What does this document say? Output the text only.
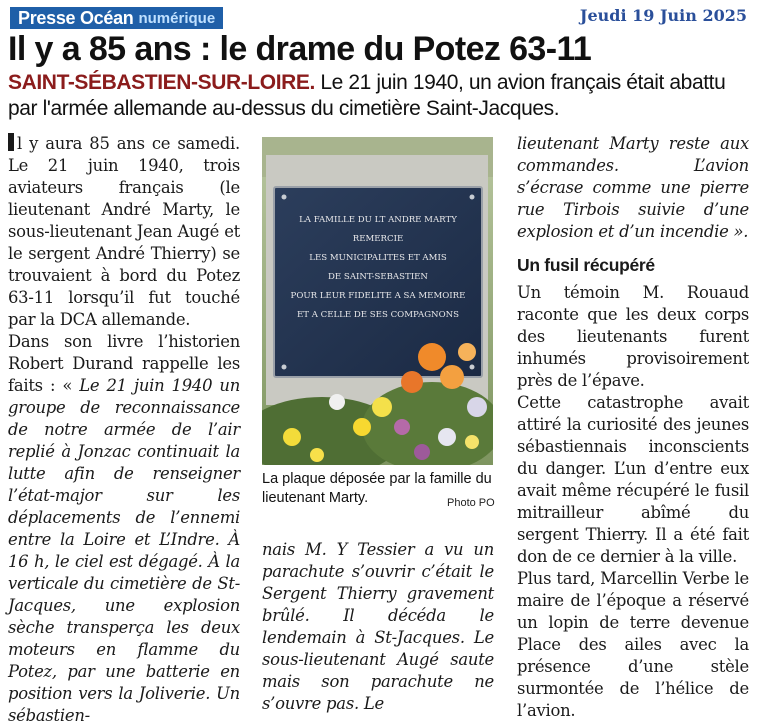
Presse Océan numérique	Jeudi 19 Juin 2025
Il y a 85 ans : le drame du Potez 63-11
SAINT-SÉBASTIEN-SUR-LOIRE. Le 21 juin 1940, un avion français était abattu par l'armée allemande au-dessus du cimetière Saint-Jacques.

l y aura 85 ans ce samedi. Le 21 juin 1940, trois aviateurs français (le lieutenant André Marty, le sous-lieutenant Jean Augé et le sergent André Thierry) se trouvaient à bord du Potez 63-11 lorsqu’il fut touché par la DCA allemande.

Dans son livre l’historien Robert Durand rappelle les faits : « Le 21 juin 1940 un groupe de reconnaissance de notre armée de l’air replié à Jonzac continuait la lutte afin de renseigner l’état-major sur les déplacements de l’ennemi entre la Loire et L’Indre. À 16 h, le ciel est dégagé. À la verticale du cimetière de St-Jacques, une explosion sèche transperça les deux moteurs en flamme du Potez, par une batterie en position vers la Joliverie. Un sébastien-

LA FAMILLE DU LT ANDRE MARTY
REMERCIE
LES MUNICIPALITES ET AMIS
DE SAINT-SEBASTIEN
POUR LEUR FIDELITE A SA MEMOIRE
ET A CELLE DE SES COMPAGNONS
La plaque déposée par la famille du lieutenant Marty.	Photo PO

nais M. Y Tessier a vu un parachute s’ouvrir c’était le Sergent Thierry gravement brûlé. Il décéda le lendemain à St-Jacques. Le sous-lieutenant Augé saute mais son parachute ne s’ouvre pas. Le

lieutenant Marty reste aux commandes. L’avion s’écrase comme une pierre rue Tirbois suivie d’une explosion et d’un incendie ».

Un fusil récupéré

Un témoin M. Rouaud raconte que les deux corps des lieutenants furent inhumés provisoirement près de l’épave.

Cette catastrophe avait attiré la curiosité des jeunes sébastiennais inconscients du danger. L’un d’entre eux avait même récupéré le fusil mitrailleur abîmé du sergent Thierry. Il a été fait don de ce dernier à la ville.

Plus tard, Marcellin Verbe le maire de l’époque a réservé un lopin de terre devenue Place des ailes avec la présence d’une stèle surmontée de l’hélice de l’avion.
